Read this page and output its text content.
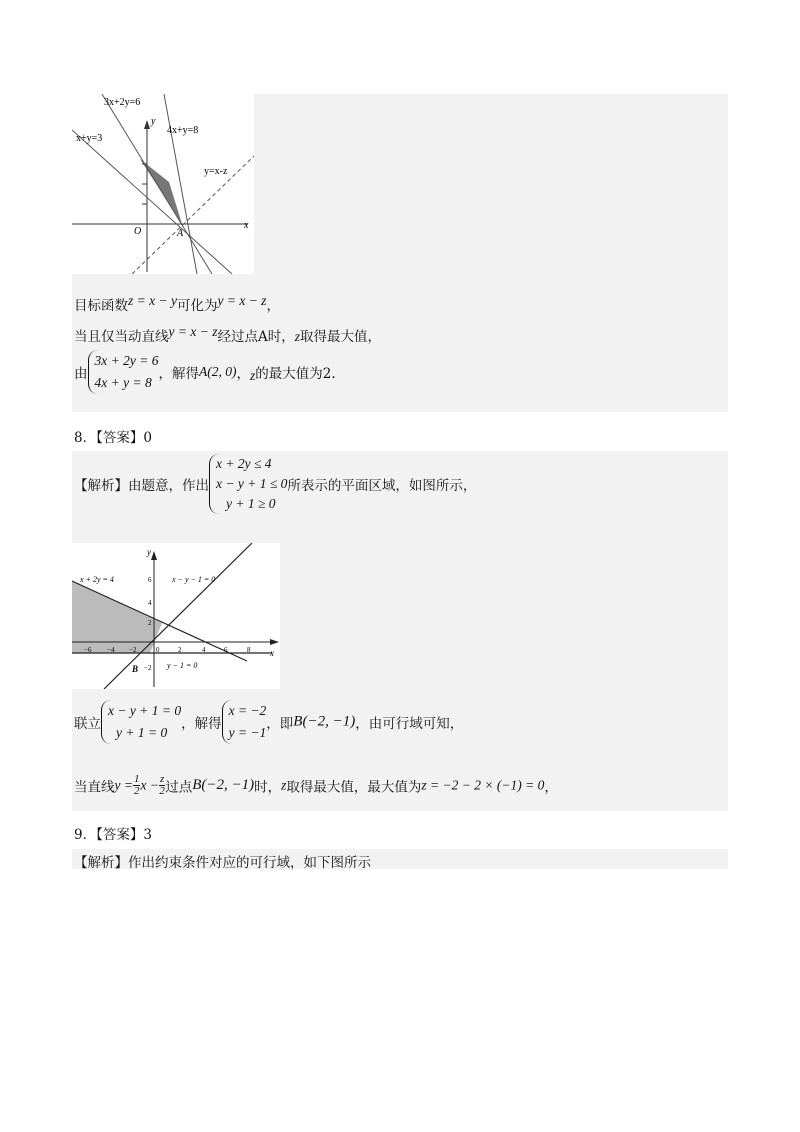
3x+2y=6
x+y=3
4x+y=8
y=x-z
y
x
O	A
目标函数z = x − y可化为y = x − z，
当且仅当动直线y = x − z经过点A时，z取得最大值，
由3x + 2y = 6
4x + y = 8，解得A(2, 0)，z的最大值为2.
8．【答案】0
【解析】由题意，作出x + 2y ≤ 4
x − y + 1 ≤ 0
y + 1 ≥ 0所表示的平面区域，如图所示，
x + 2y = 4	x − y − 1 = 0
y − 1 = 0
y
x
B
6
4
2
−2
−6 −4 −2	0	2	4	6	8
联立x − y + 1 = 0
y + 1 = 0，解得x = −2
y = −1，即B(−2, −1)，由可行域可知，
当直线$y = \frac{1}{2}$ $x - \frac{z}{2}$ 过点B(−2, −1)时，z取得最大值，最大值为z = −2 − 2 × (−1) = 0，
9．【答案】3
【解析】作出约束条件对应的可行域，如下图所示
